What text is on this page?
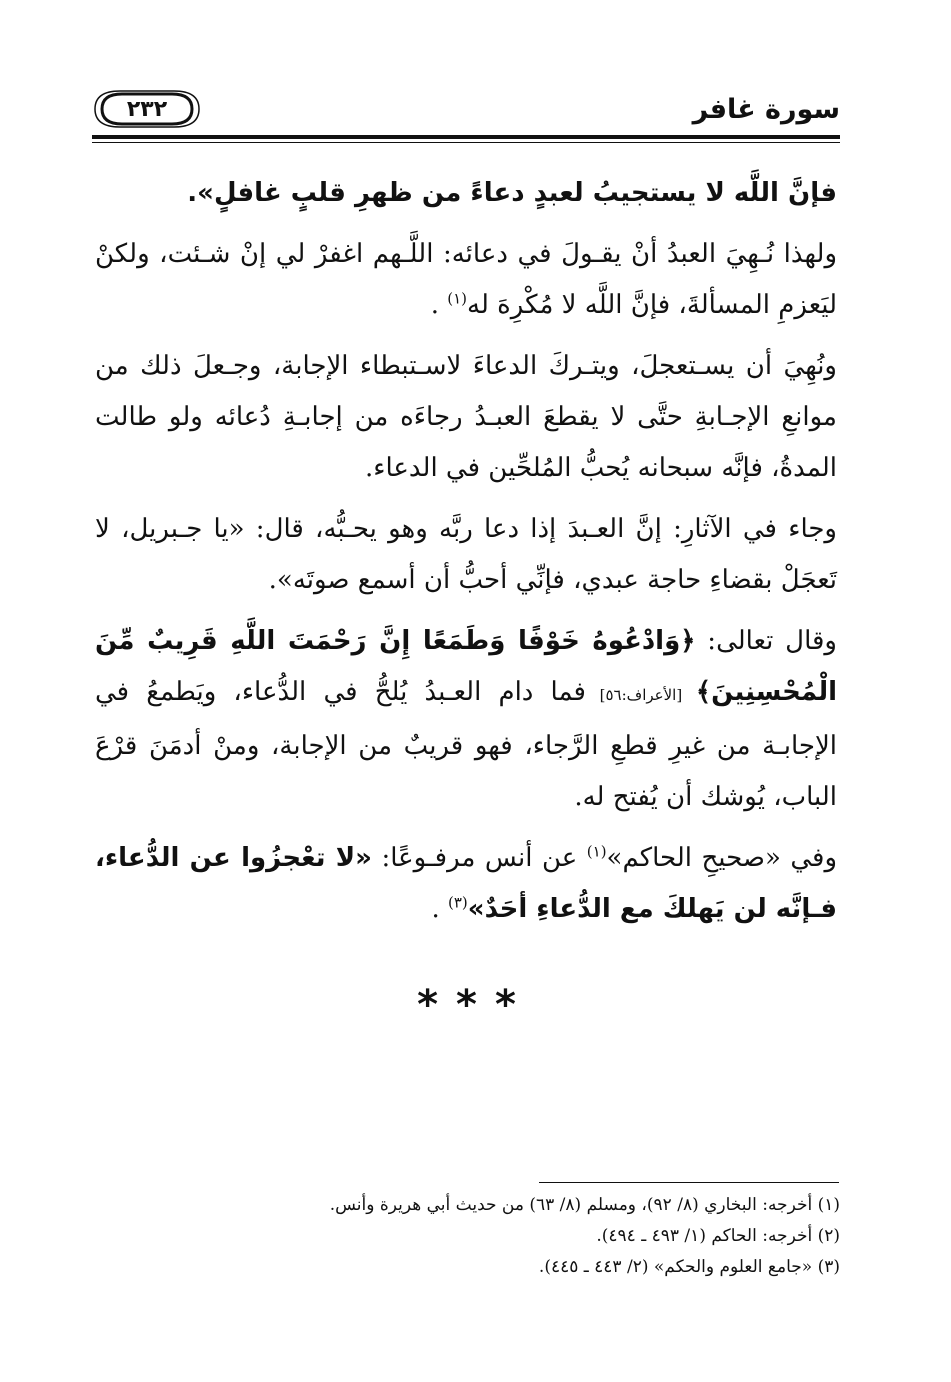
٢٣٢	سورة غافر

فإنَّ اللَّه لا يستجيبُ لعبدٍ دعاءً من ظهرِ قلبٍ غافلٍ».

ولهذا نُـهِيَ العبدُ أنْ يقـولَ في دعائه: اللَّـهم اغفرْ لي إنْ شـئت، ولكنْ ليَعزمِ المسألةَ، فإنَّ اللَّه لا مُكْرِهَ له$^{(١)}$ .

ونُهِيَ أن يسـتعجلَ، ويتـركَ الدعاءَ لاسـتبطاء الإجابة، وجـعلَ ذلك من موانعِ الإجـابةِ حتَّى لا يقطعَ العبـدُ رجاءَه من إجابـةِ دُعائه ولو طالت المدةُ، فإنَّه سبحانه يُحبُّ المُلحِّين في الدعاء.

وجاء في الآثارِ: إنَّ العـبدَ إذا دعا ربَّه وهو يحـبُّه، قال: «يا جـبريل، لا تَعجَلْ بقضاءِ حاجة عبدي، فإنِّي أحبُّ أن أسمع صوتَه».

وقال تعالى: ﴿وَادْعُوهُ خَوْفًا وَطَمَعًا إِنَّ رَحْمَتَ اللَّهِ قَرِيبٌ مِّنَ الْمُحْسِنِينَ﴾ [الأعراف:٥٦] فما دام العـبدُ يُلحُّ في الدُّعاء، ويَطمعُ في الإجابـة من غيرِ قطعِ الرَّجاء، فهو قريبٌ من الإجابة، ومنْ أدمَنَ قرْعَ الباب، يُوشك أن يُفتح له.

وفي «صحيحِ الحاكم»$^{(١)}$ عن أنس مرفـوعًا: «لا تعْجزُوا عن الدُّعاء، فـإنَّه لن يَهلكَ مع الدُّعاءِ أحَدٌ»$^{(٣)}$ .

***

(١) أخرجه: البخاري (٨/ ٩٢)، ومسلم (٨/ ٦٣) من حديث أبي هريرة وأنس.

(٢) أخرجه: الحاكم (١/ ٤٩٣ ـ ٤٩٤).

(٣) «جامع العلوم والحكم» (٢/ ٤٤٣ ـ ٤٤٥).
